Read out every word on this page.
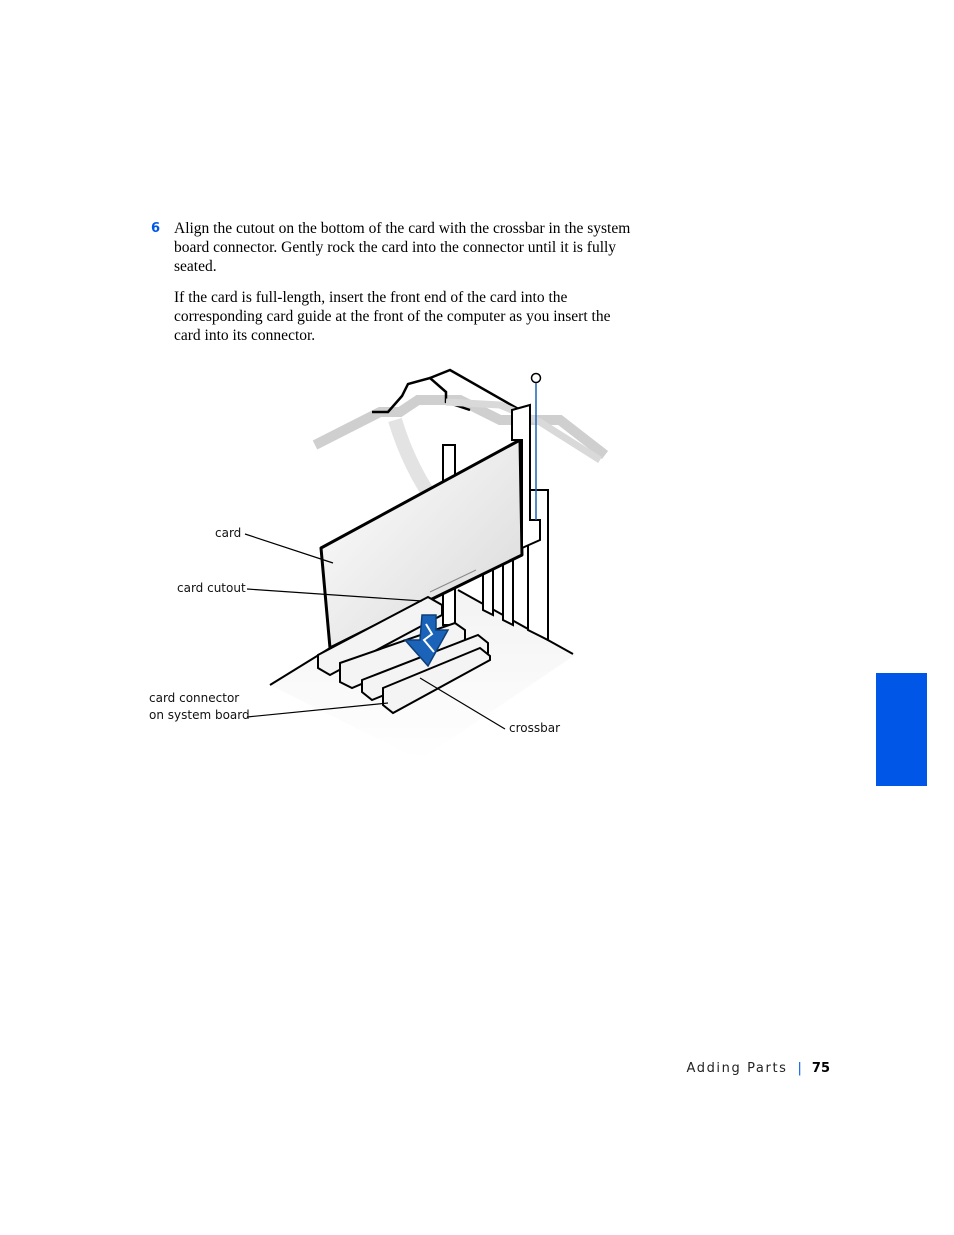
6 Align the cutout on the bottom of the card with the crossbar in the system board connector. Gently rock the card into the connector until it is fully seated.

If the card is full-length, insert the front end of the card into the corresponding card guide at the front of the computer as you insert the card into its connector.

card
card cutout
card connector
on system board
crossbar
Adding Parts | 75
